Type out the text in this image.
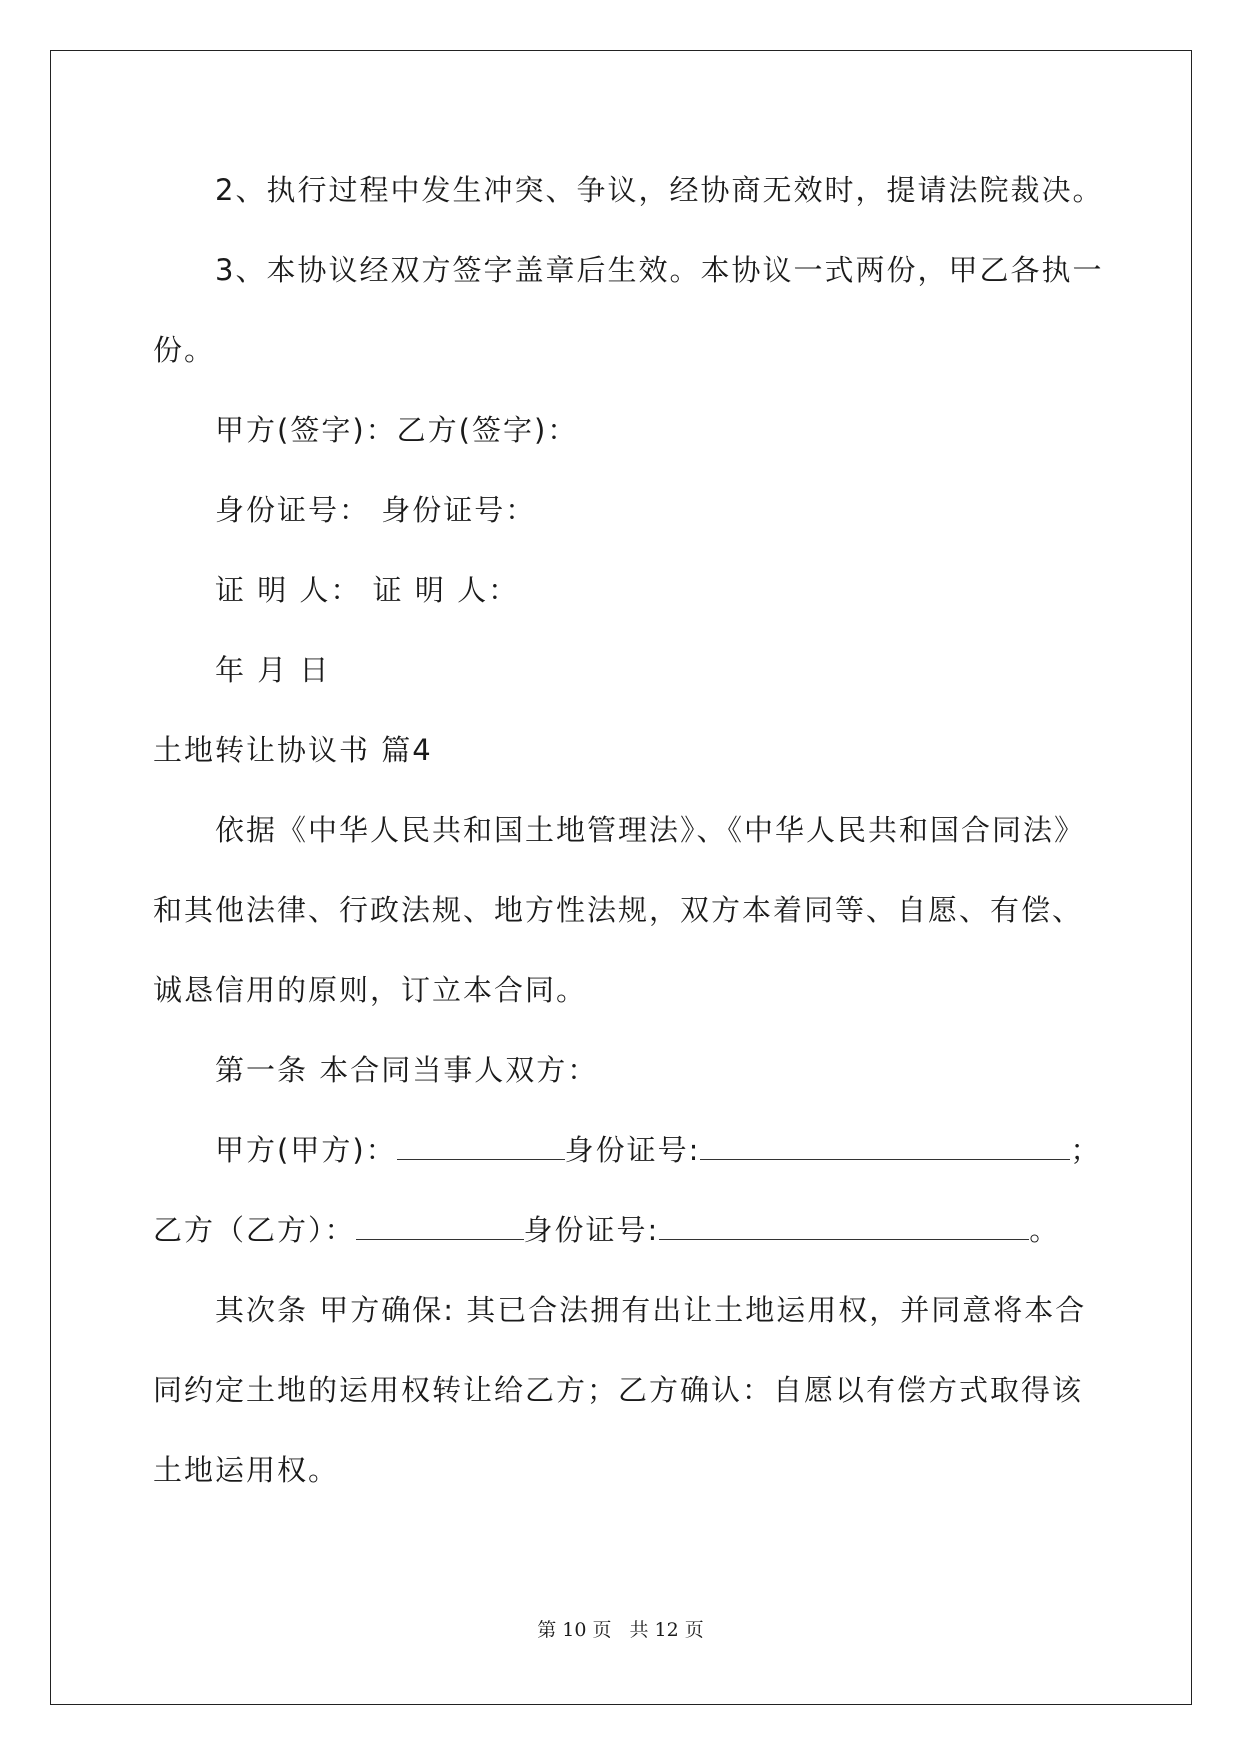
2、执行过程中发生冲突、争议，经协商无效时，提请法院裁决。
3、本协议经双方签字盖章后生效。本协议一式两份，甲乙各执一
份。
甲方(签字)：乙方(签字)：
身份证号： 身份证号：
证 明 人： 证 明 人：
年 月 日
土地转让协议书 篇4
依据《中华人民共和国土地管理法》、《中华人民共和国合同法》
和其他法律、行政法规、地方性法规，双方本着同等、自愿、有偿、
诚恳信用的原则，订立本合同。
第一条 本合同当事人双方：
甲方(甲方)：	身份证号:	；
乙方（乙方）：	身份证号:	。
其次条 甲方确保: 其已合法拥有出让土地运用权，并同意将本合
同约定土地的运用权转让给乙方；乙方确认：自愿以有偿方式取得该
土地运用权。
第 10 页 共 12 页
